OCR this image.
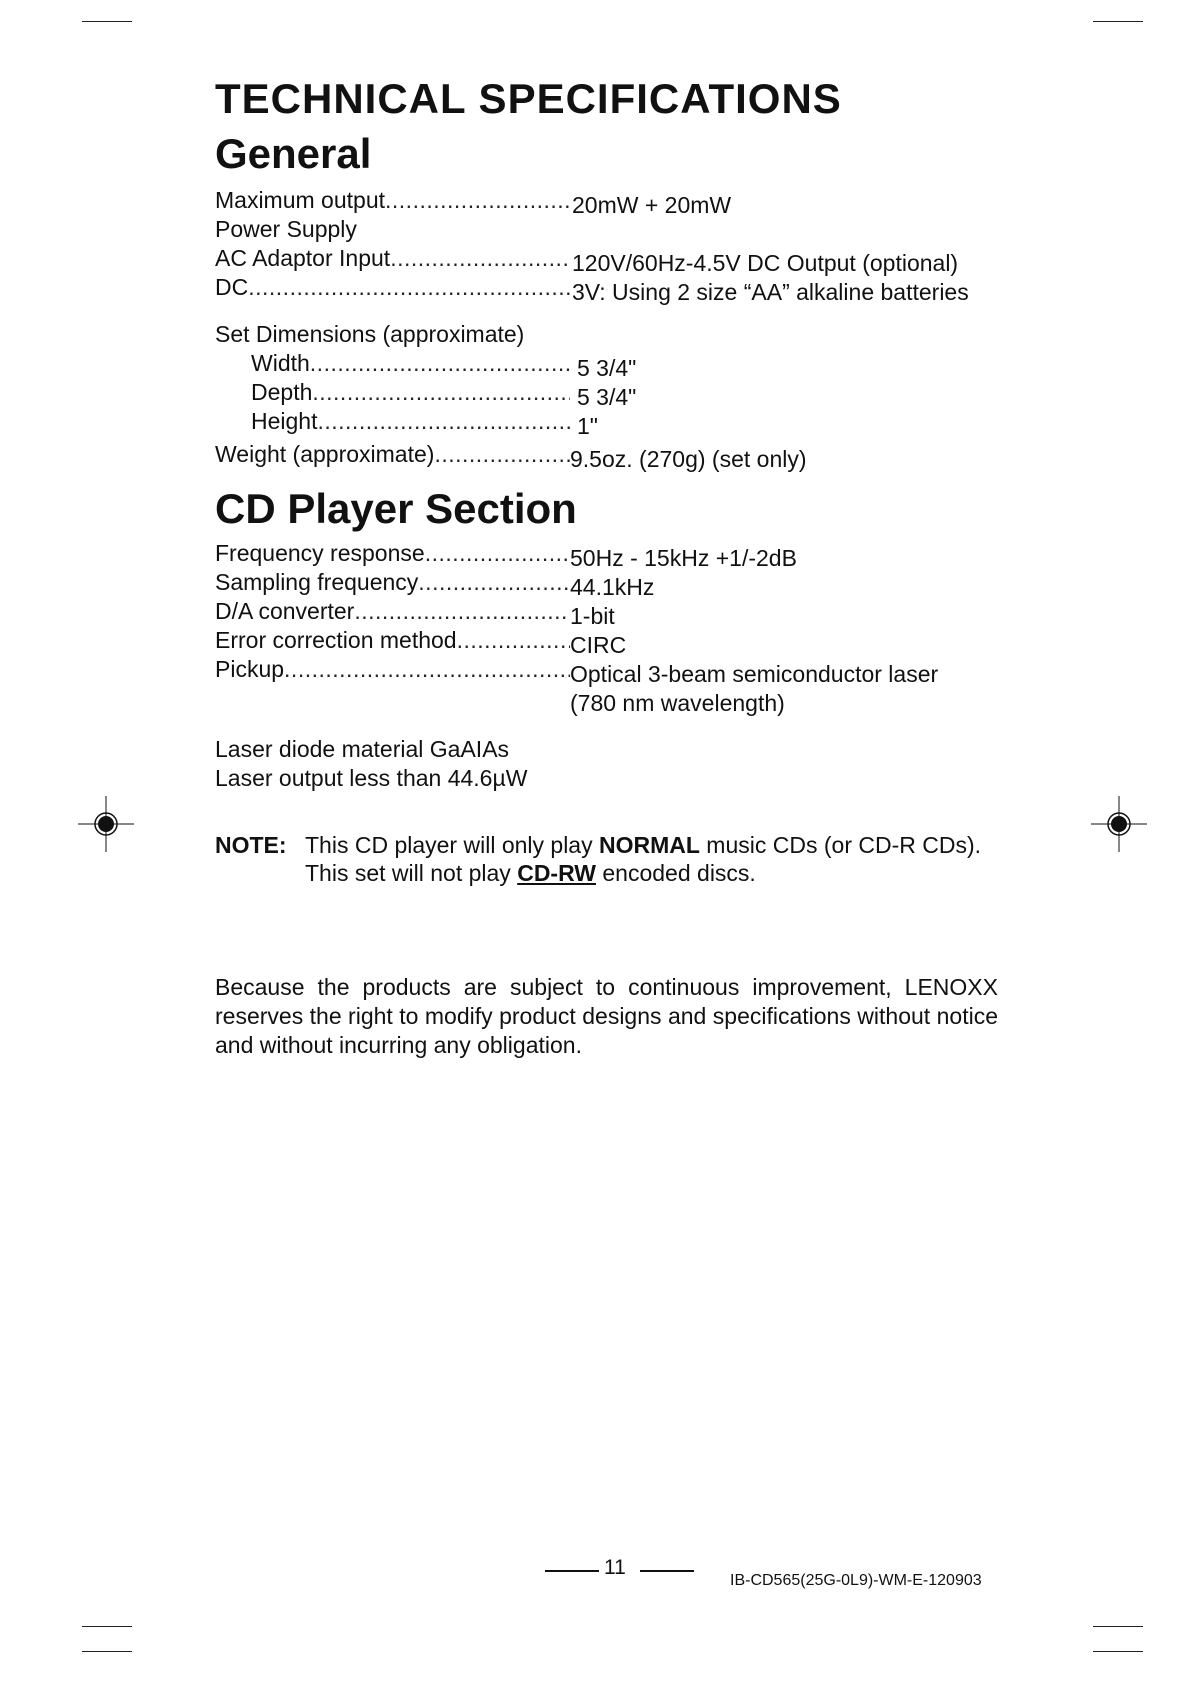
TECHNICAL SPECIFICATIONS
General
Maximum output .....	20mW + 20mW
Power Supply
AC Adaptor Input .....	120V/60Hz-4.5V DC Output (optional)
DC .....	3V: Using 2 size “AA” alkaline batteries
Set Dimensions (approximate)
Width .....	5 3/4"
Depth .....	5 3/4"
Height .....	1"
Weight (approximate) .....	9.5oz. (270g) (set only)
CD Player Section
Frequency response .....	50Hz - 15kHz +1/-2dB
Sampling frequency .....	44.1kHz
D/A converter .....	1-bit
Error correction method .....	CIRC
Pickup .....	Optical 3-beam semiconductor laser
(780 nm wavelength)
Laser diode material GaAIAs
Laser output less than 44.6µW
NOTE: This CD player will only play NORMAL music CDs (or CD-R CDs).
This set will not play CD-RW encoded discs.

Because the products are subject to continuous improvement, LENOXX reserves the right to modify product designs and specifications without notice and without incurring any obligation.

11
IB-CD565(25G-0L9)-WM-E-120903
